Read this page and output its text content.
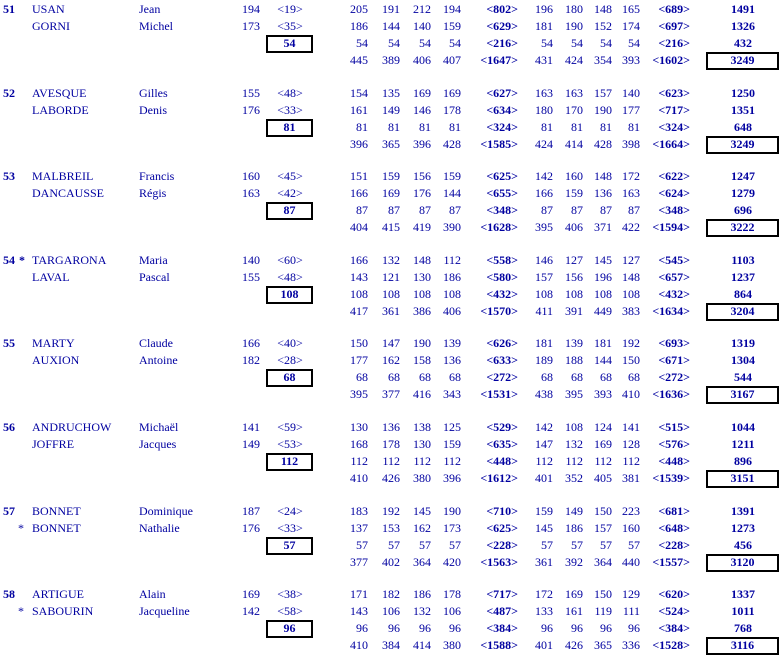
51 USAN	Jean	194	<19>	205	191	212	194	<802>	196	180 148 165	<689>	1491
GORNI	Michel	173	<35>	186	144	140	159	<629>	181	190 152 174	<697>	1326
54	54	54	54	54	<216>	54	54	54	54	<216>	432
445	389	406	407	<1647>	431	424 354 393	<1602>	3249
52 AVESQUE	Gilles	155	<48>	154	135	169	169	<627>	163	163 157 140	<623>	1250
LABORDE	Denis	176	<33>	161	149	146	178	<634>	180	170 190 177	<717>	1351
81	81	81	81	81	<324>	81	81	81	81	<324>	648
396	365	396	428	<1585>	424	414 428 398	<1664>	3249
53 MALBREIL	Francis	160	<45>	151	159	156	159	<625>	142	160 148 172	<622>	1247
DANCAUSSE	Régis	163	<42>	166	169	176	144	<655>	166	159 136 163	<624>	1279
87	87	87	87	87	<348>	87	87	87	87	<348>	696
404	415	419	390	<1628>	395	406 371 422	<1594>	3222
54 * TARGARONA	Maria	140	<60>	166	132	148	112	<558>	146	127 145 127	<545>	1103
LAVAL	Pascal	155	<48>	143	121	130	186	<580>	157	156 196 148	<657>	1237
108	108	108	108	108	<432>	108	108 108 108	<432>	864
417	361	386	406	<1570>	411	391 449 383	<1634>	3204
55 MARTY	Claude	166	<40>	150	147	190	139	<626>	181	139 181 192	<693>	1319
AUXION	Antoine	182	<28>	177	162	158	136	<633>	189	188 144 150	<671>	1304
68	68	68	68	68	<272>	68	68	68	68	<272>	544
395	377	416	343	<1531>	438	395 393 410	<1636>	3167
56 ANDRUCHOW Michaël	141	<59>	130	136	138	125	<529>	142	108 124 141	<515>	1044
JOFFRE	Jacques	149	<53>	168	178	130	159	<635>	147	132 169 128	<576>	1211
112	112	112	112	112	<448>	112	112 112 112	<448>	896
410	426	380	396	<1612>	401	352 405 381	<1539>	3151
57 BONNET	Dominique	187	<24>	183	192	145	190	<710>	159	149 150 223	<681>	1391
* BONNET	Nathalie	176	<33>	137	153	162	173	<625>	145	186 157 160	<648>	1273
57	57	57	57	57	<228>	57	57	57	57	<228>	456
377	402	364	420	<1563>	361	392 364 440	<1557>	3120
58 ARTIGUE	Alain	169	<38>	171	182	186	178	<717>	172	169 150 129	<620>	1337
* SABOURIN	Jacqueline	142	<58>	143	106	132	106	<487>	133	161 119 111	<524>	1011
96	96	96	96	96	<384>	96	96	96	96	<384>	768
410	384	414	380	<1588>	401	426 365 336	<1528>	3116
